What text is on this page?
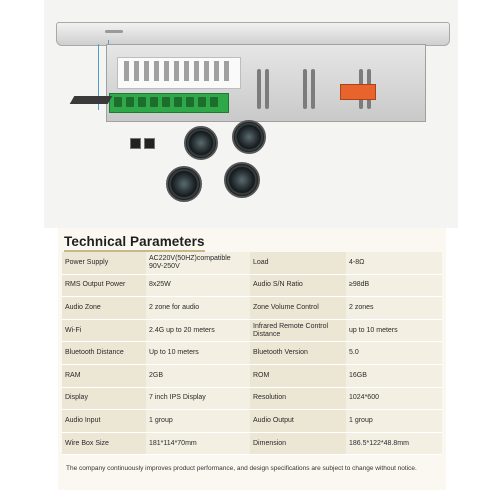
Technical Parameters
Power Supply	AC220V(50HZ)compatible 90V-250V	Load	4-8Ω
RMS Output Power	8x25W	Audio S/N Ratio	≥98dB
Audio Zone	2 zone for audio	Zone Volume Control	2 zones
Wi-Fi	2.4G up to 20 meters	Infrared Remote Control Distance	up to 10 meters
Bluetooth Distance	Up to 10 meters	Bluetooth Version	5.0
RAM	2GB	ROM	16GB
Display	7 inch IPS Display	Resolution	1024*600
Audio Input	1 group	Audio Output	1 group
Wire Box Size	181*114*70mm	Dimension	186.5*122*48.8mm
The company continuously improves product performance, and design specifications are subject to change without notice.
